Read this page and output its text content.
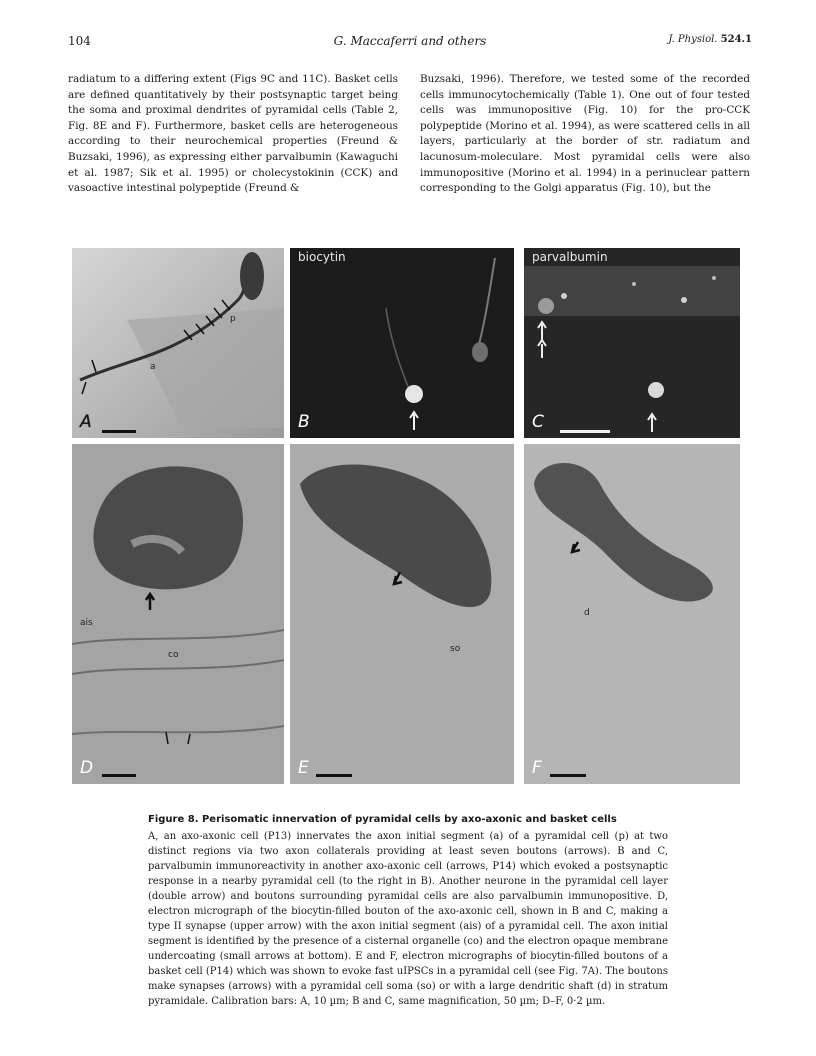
104	G. Maccaferri and others	J. Physiol. 524.1

radiatum to a differing extent (Figs 9C and 11C). Basket cells are defined quantitatively by their postsynaptic target being the soma and proximal dendrites of pyramidal cells (Table 2, Fig. 8E and F). Furthermore, basket cells are heterogeneous according to their neurochemical properties (Freund & Buzsaki, 1996), as expressing either parvalbumin (Kawaguchi et al. 1987; Sik et al. 1995) or cholecystokinin (CCK) and vasoactive intestinal polypeptide (Freund &

Buzsaki, 1996). Therefore, we tested some of the recorded cells immunocytochemically (Table 1). One out of four tested cells was immunopositive (Fig. 10) for the pro-CCK polypeptide (Morino et al. 1994), as were scattered cells in all layers, particularly at the border of str. radiatum and lacunosum-moleculare. Most pyramidal cells were also immunopositive (Morino et al. 1994) in a perinuclear pattern corresponding to the Golgi apparatus (Fig. 10), but the

p
a
A
biocytin
B
parvalbumin
C
ais
co
D
so
E
d
F
Figure 8. Perisomatic innervation of pyramidal cells by axo-axonic and basket cells

A, an axo-axonic cell (P13) innervates the axon initial segment (a) of a pyramidal cell (p) at two distinct regions via two axon collaterals providing at least seven boutons (arrows). B and C, parvalbumin immunoreactivity in another axo-axonic cell (arrows, P14) which evoked a postsynaptic response in a nearby pyramidal cell (to the right in B). Another neurone in the pyramidal cell layer (double arrow) and boutons surrounding pyramidal cells are also parvalbumin immunopositive. D, electron micrograph of the biocytin-filled bouton of the axo-axonic cell, shown in B and C, making a type II synapse (upper arrow) with the axon initial segment (ais) of a pyramidal cell. The axon initial segment is identified by the presence of a cisternal organelle (co) and the electron opaque membrane undercoating (small arrows at bottom). E and F, electron micrographs of biocytin-filled boutons of a basket cell (P14) which was shown to evoke fast uIPSCs in a pyramidal cell (see Fig. 7A). The boutons make synapses (arrows) with a pyramidal cell soma (so) or with a large dendritic shaft (d) in stratum pyramidale. Calibration bars: A, 10 µm; B and C, same magnification, 50 µm; D–F, 0·2 µm.
